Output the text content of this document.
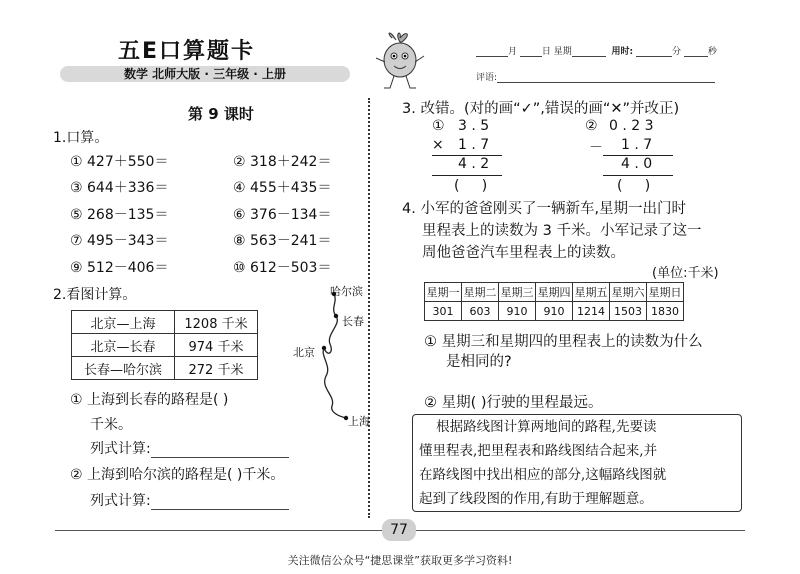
五E口算题卡
数学 北师大版 · 三年级 · 上册
月	日 星期	用时:	分	秒
评语:
第 9 课时
1.口算。
① 427＋550＝	② 318＋242＝
③ 644＋336＝	④ 455＋435＝
⑤ 268－135＝	⑥ 376－134＝
⑦ 495－343＝	⑧ 563－241＝
⑨ 512－406＝	⑩ 612－503＝
2.看图计算。
北京—上海	1208 千米
北京—长春	974 千米
长春—哈尔滨	272 千米
哈尔滨
长春
北京
上海
① 上海到长春的路程是( )
千米。
列式计算:
② 上海到哈尔滨的路程是( )千米。
列式计算:
3. 改错。(对的画“✓”,错误的画“✕”并改正)
① 3 . 5
× 1 . 7
4 . 2
(     )
② 0 . 2 3
－ 1 . 7
4 . 0
(     )
4. 小军的爸爸刚买了一辆新车,星期一出门时
里程表上的读数为 3 千米。小军记录了这一
周他爸爸汽车里程表上的读数。
(单位:千米)
星期一	星期二	星期三	星期四	星期五	星期六	星期日
301	603	910	910	1214	1503	1830
① 星期三和星期四的里程表上的读数为什么
是相同的?
② 星期( )行驶的里程最远。
根据路线图计算两地间的路程,先要读
懂里程表,把里程表和路线图结合起来,并
在路线图中找出相应的部分,这幅路线图就
起到了线段图的作用,有助于理解题意。
77
关注微信公众号“捷思课堂”获取更多学习资料!
